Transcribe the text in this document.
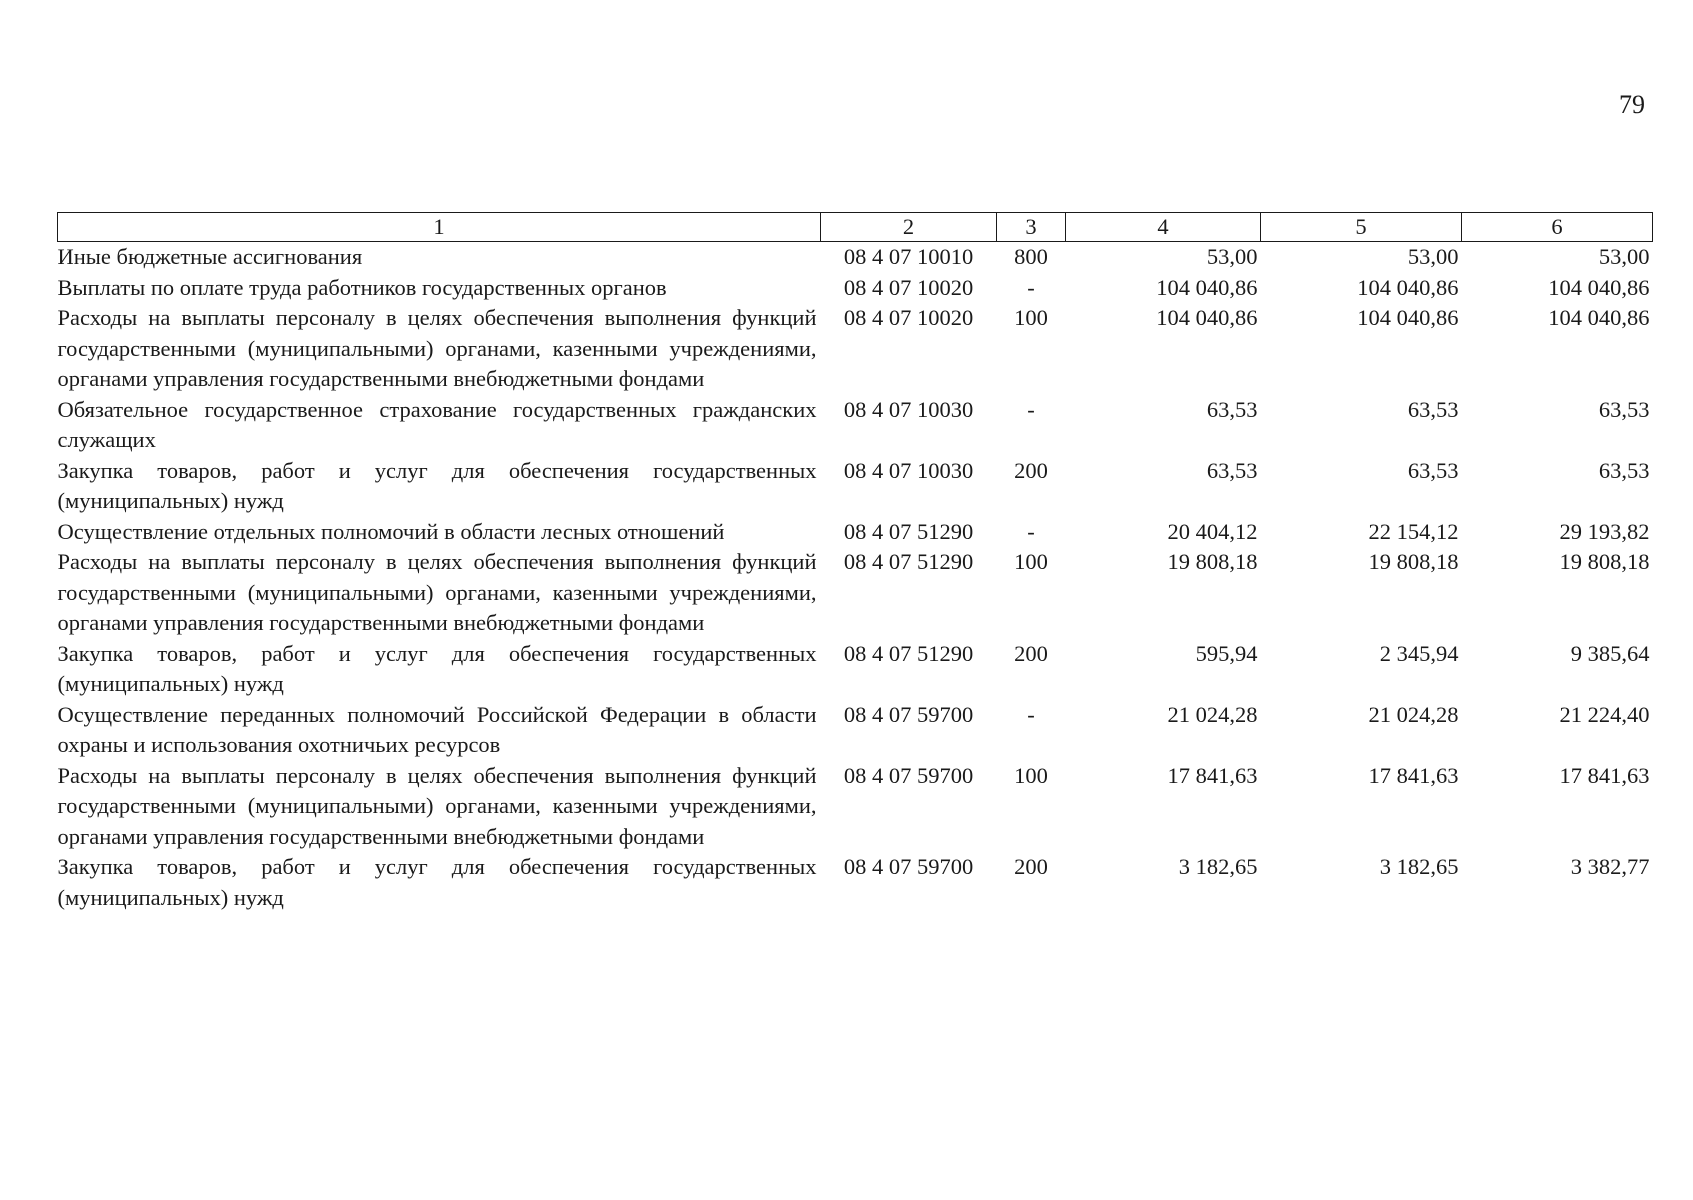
79
1	2	3	4	5	6
Иные бюджетные ассигнования	08 4 07 10010	800	53,00	53,00	53,00
Выплаты по оплате труда работников государственных органов	08 4 07 10020	-	104 040,86	104 040,86	104 040,86
Расходы на выплаты персоналу в целях обеспечения выполнения функций государственными (муниципальными) органами, казенными учреждениями, органами управления государственными внебюджетными фондами	08 4 07 10020	100	104 040,86	104 040,86	104 040,86
Обязательное государственное страхование государственных гражданских служащих	08 4 07 10030	-	63,53	63,53	63,53
Закупка товаров, работ и услуг для обеспечения государственных (муниципальных) нужд	08 4 07 10030	200	63,53	63,53	63,53
Осуществление отдельных полномочий в области лесных отношений	08 4 07 51290	-	20 404,12	22 154,12	29 193,82
Расходы на выплаты персоналу в целях обеспечения выполнения функций государственными (муниципальными) органами, казенными учреждениями, органами управления государственными внебюджетными фондами	08 4 07 51290	100	19 808,18	19 808,18	19 808,18
Закупка товаров, работ и услуг для обеспечения государственных (муниципальных) нужд	08 4 07 51290	200	595,94	2 345,94	9 385,64
Осуществление переданных полномочий Российской Федерации в области охраны и использования охотничьих ресурсов	08 4 07 59700	-	21 024,28	21 024,28	21 224,40
Расходы на выплаты персоналу в целях обеспечения выполнения функций государственными (муниципальными) органами, казенными учреждениями, органами управления государственными внебюджетными фондами	08 4 07 59700	100	17 841,63	17 841,63	17 841,63
Закупка товаров, работ и услуг для обеспечения государственных (муниципальных) нужд	08 4 07 59700	200	3 182,65	3 182,65	3 382,77
